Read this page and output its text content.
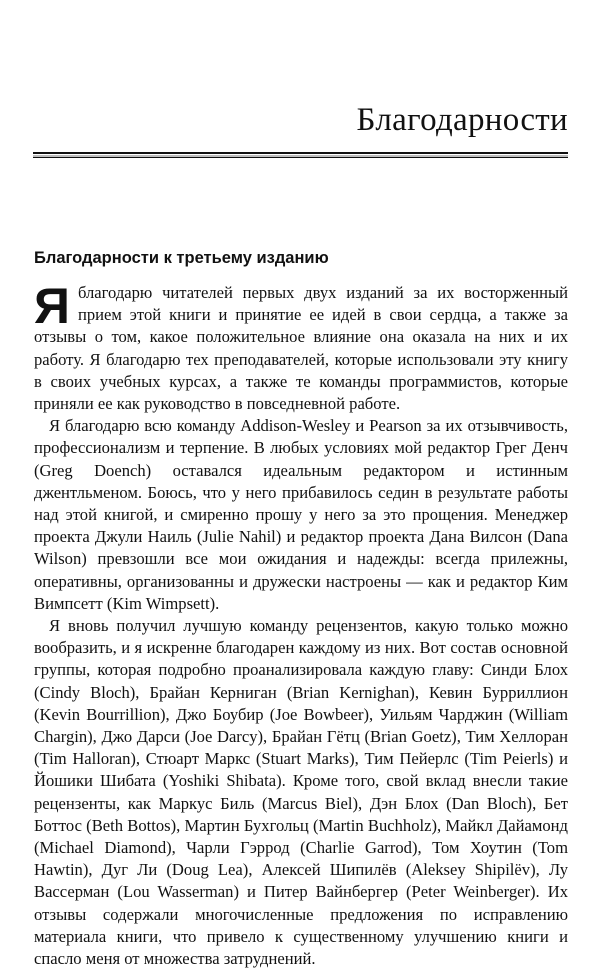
Благодарности
Благодарности к третьему изданию

Яблагодарю читателей первых двух изданий за их восторженный прием этой книги и принятие ее идей в свои сердца, а также за отзывы о том, какое положительное влияние она оказала на них и их работу. Я благодарю тех преподавателей, которые использовали эту книгу в своих учебных курсах, а также те команды программистов, которые приняли ее как руководство в повседневной работе.

Я благодарю всю команду Addison-Wesley и Pearson за их отзывчивость, профессионализм и терпение. В любых условиях мой редактор Грег Денч (Greg Doench) оставался идеальным редактором и истинным джентльменом. Боюсь, что у него прибавилось седин в результате работы над этой книгой, и смиренно прошу у него за это прощения. Менеджер проекта Джули Наиль (Julie Nahil) и редактор проекта Дана Вилсон (Dana Wilson) превзошли все мои ожидания и надежды: всегда прилежны, оперативны, организованны и дружески настроены — как и редактор Ким Вимпсетт (Kim Wimpsett).

Я вновь получил лучшую команду рецензентов, какую только можно вообразить, и я искренне благодарен каждому из них. Вот состав основной группы, которая подробно проанализировала каждую главу: Синди Блох (Cindy Bloch), Брайан Керниган (Brian Kernighan), Кевин Бурриллион (Kevin Bourrillion), Джо Боубир (Joe Bowbeer), Уильям Чарджин (William Chargin), Джо Дарси (Joe Darcy), Брайан Гётц (Brian Goetz), Тим Хеллоран (Tim Halloran), Стюарт Маркс (Stuart Marks), Тим Пейерлс (Tim Peierls) и Йошики Шибата (Yoshiki Shibata). Кроме того, свой вклад внесли такие рецензенты, как Маркус Биль (Marcus Biel), Дэн Блох (Dan Bloch), Бет Боттос (Beth Bottos), Мартин Бухгольц (Martin Buchholz), Майкл Дайамонд (Michael Diamond), Чарли Гэррод (Charlie Garrod), Том Хоутин (Tom Hawtin), Дуг Ли (Doug Lea), Алексей Шипилёв (Aleksey Shipilëv), Лу Вассерман (Lou Wasserman) и Питер Вайнбергер (Peter Weinberger). Их отзывы содержали многочисленные предложения по исправлению материала книги, что привело к существенному улучшению книги и спасло меня от множества затруднений.
